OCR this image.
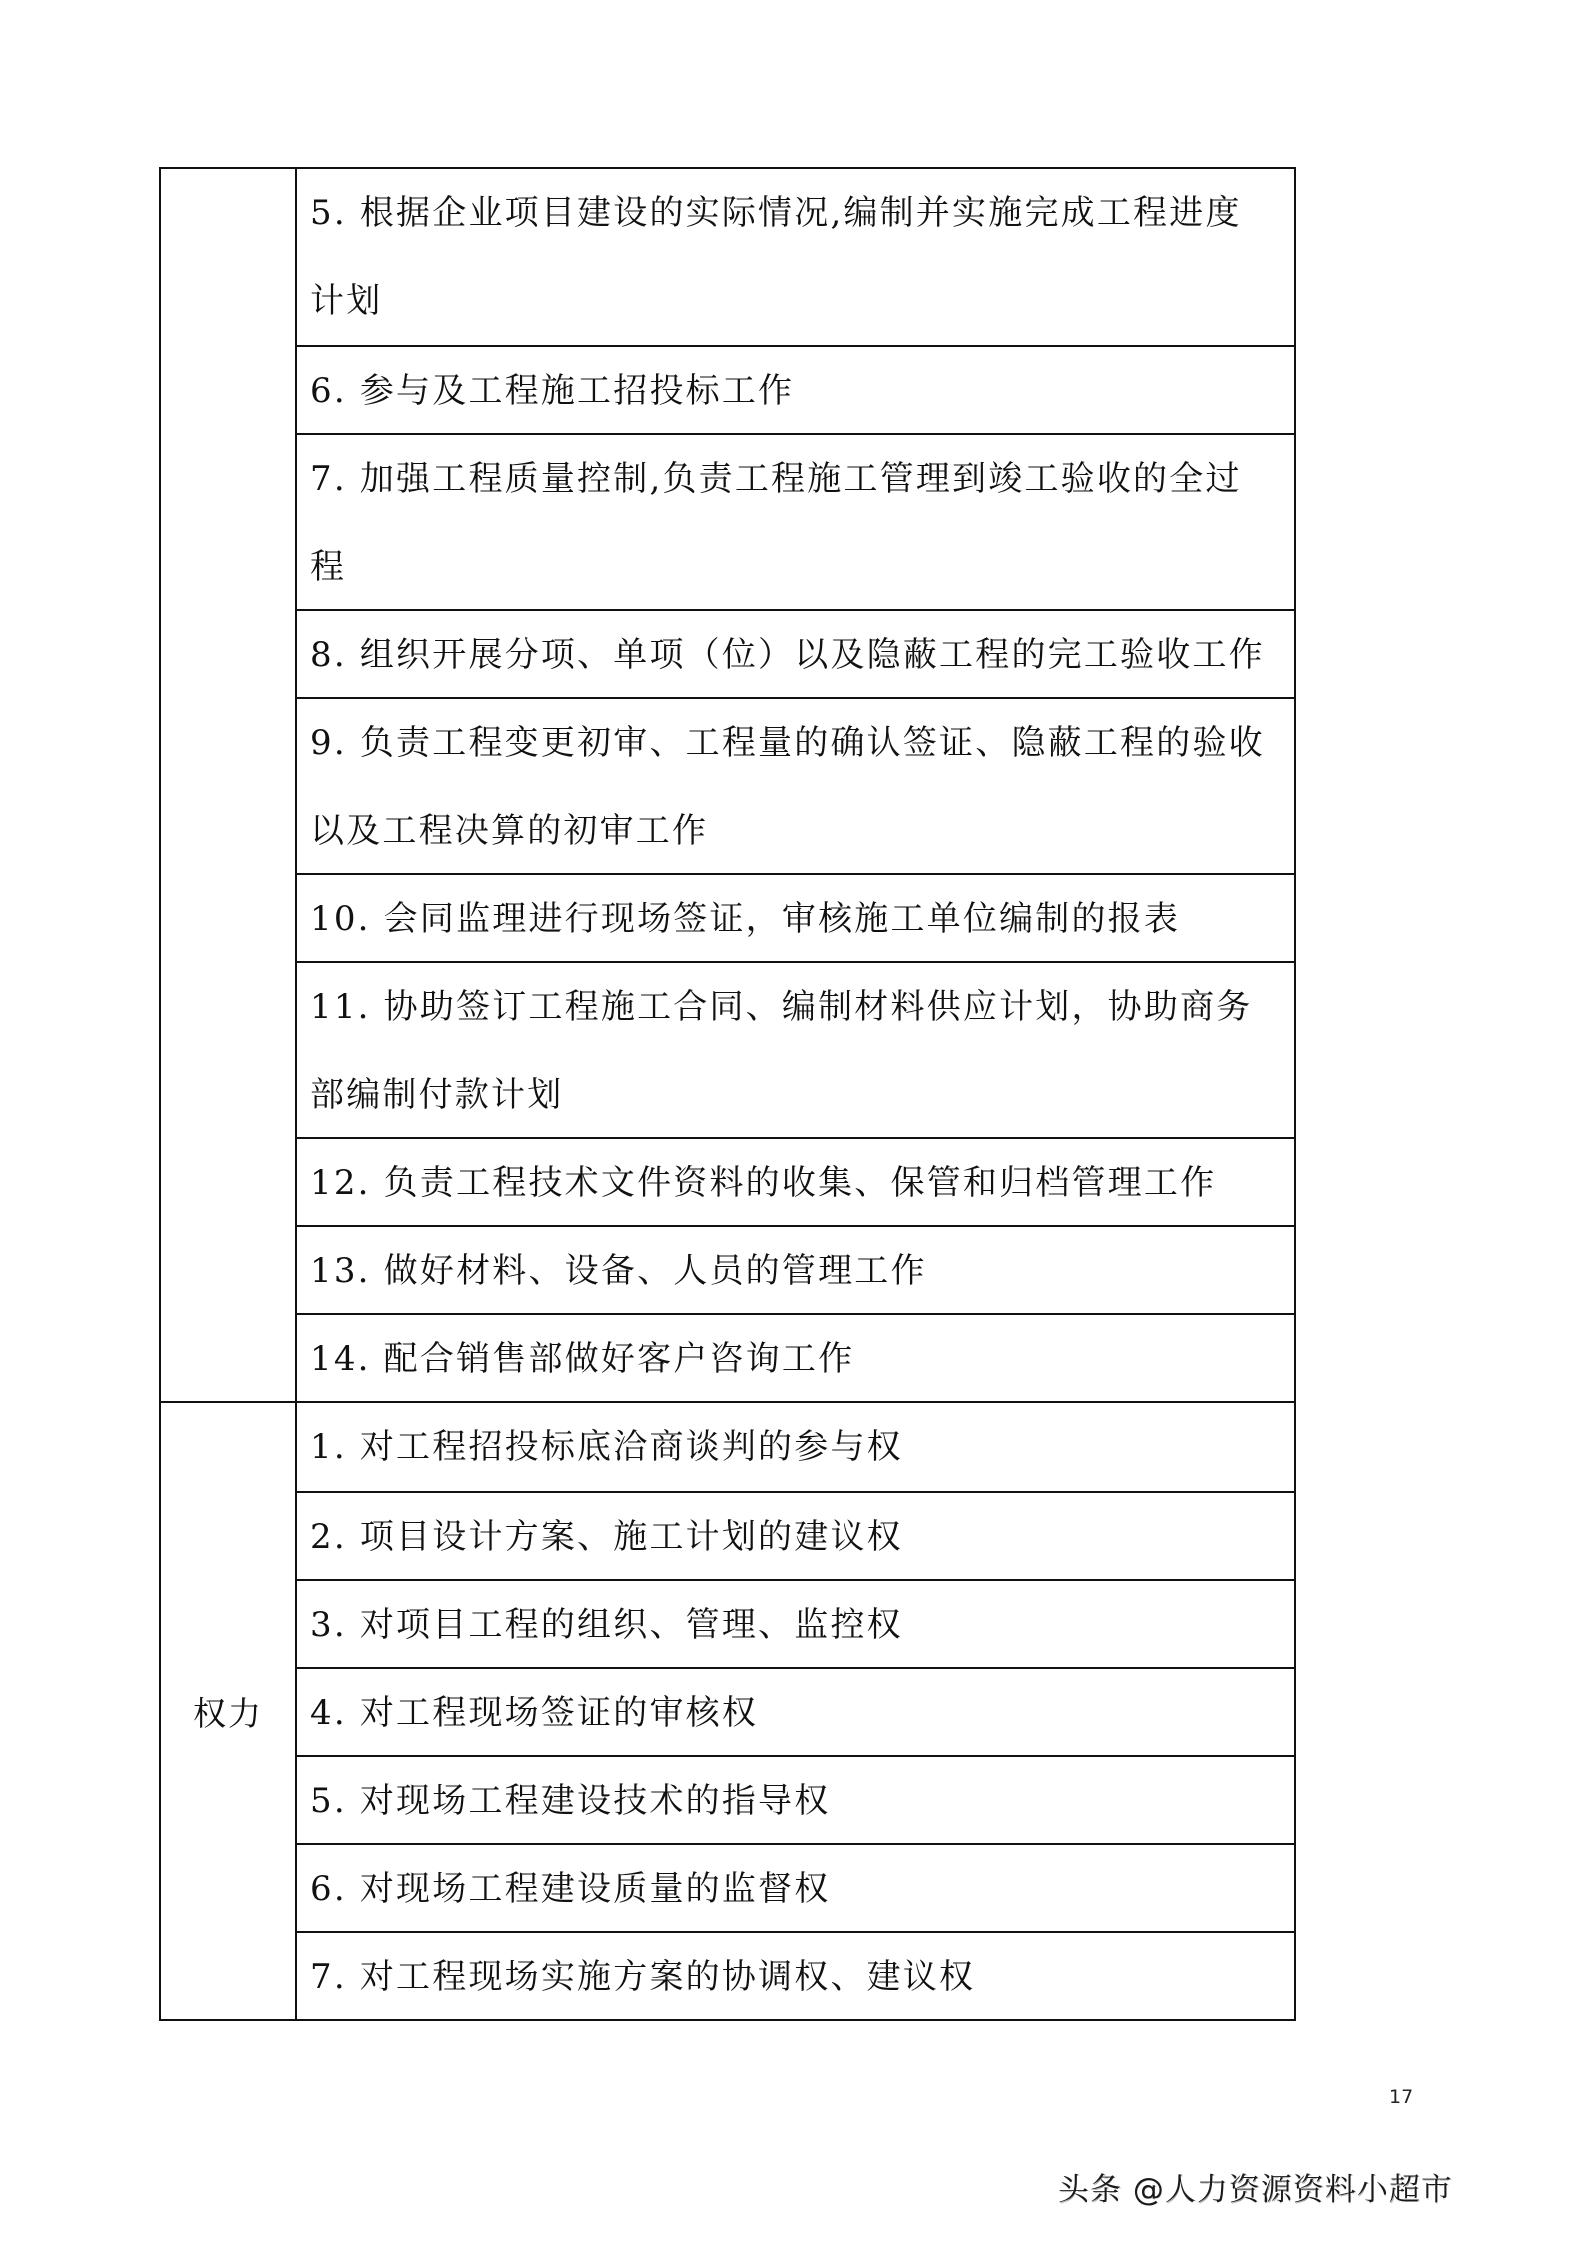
5. 根据企业项目建设的实际情况,编制并实施完成工程进度
计划
6. 参与及工程施工招投标工作
7. 加强工程质量控制,负责工程施工管理到竣工验收的全过
程
8. 组织开展分项、单项（位）以及隐蔽工程的完工验收工作
9. 负责工程变更初审、工程量的确认签证、隐蔽工程的验收
以及工程决算的初审工作
10. 会同监理进行现场签证，审核施工单位编制的报表
11. 协助签订工程施工合同、编制材料供应计划，协助商务
部编制付款计划
12. 负责工程技术文件资料的收集、保管和归档管理工作
13. 做好材料、设备、人员的管理工作
14. 配合销售部做好客户咨询工作
权力
1. 对工程招投标底洽商谈判的参与权
2. 项目设计方案、施工计划的建议权
3. 对项目工程的组织、管理、监控权
4. 对工程现场签证的审核权
5. 对现场工程建设技术的指导权
6. 对现场工程建设质量的监督权
7. 对工程现场实施方案的协调权、建议权
17
头条 @人力资源资料小超市
